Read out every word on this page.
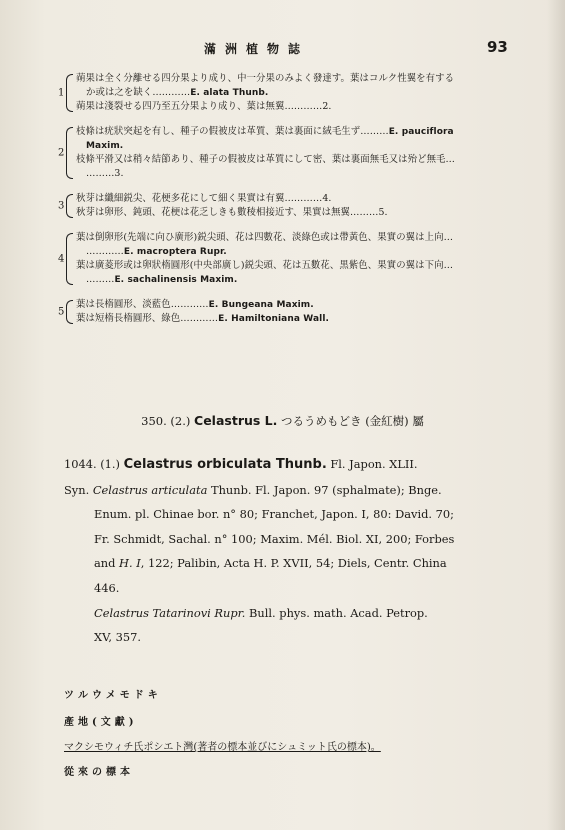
滿洲植物誌	93
1
蒴果は全く分離せる四分果より成り、中一分果のみよく發達す。葉はコルク性翼を有する
か或は之を缺く…………E. alata Thunb.
蒴果は淺裂せる四乃至五分果より成り、葉は無翼…………2.
2
枝條は疣狀突起を有し、種子の假被皮は革質、葉は裏面に絨毛生ず………E. pauciflora
Maxim.
枝條平滑又は稍々結節あり、種子の假被皮は革質にして密、葉は裏面無毛又は殆ど無毛…
………3.
3
秋芽は纖細鋭尖、花梗多花にして細く果實は有翼…………4.
秋芽は卵形、鈍頭、花梗は花乏しきも數稜相接近す、果實は無翼………5.
4
葉は倒卵形(先端に向ひ廣形)鋭尖頭、花は四數花、淡綠色或は帶黃色、果實の翼は上向…
…………E. macroptera Rupr.
葉は廣菱形或は卵狀楕圓形(中央部廣し)鋭尖頭、花は五數花、黒紫色、果實の翼は下向…
………E. sachalinensis Maxim.
5
葉は長楕圓形、淡藍色…………E. Bungeana Maxim.
葉は短楕長楕圓形、綠色…………E. Hamiltoniana Wall.
350. (2.) Celastrus L. つるうめもどき (金紅樹) 屬
1044. (1.) Celastrus orbiculata Thunb. Fl. Japon. XLII.
Syn. Celastrus articulata Thunb. Fl. Japon. 97 (sphalmate); Bnge.
Enum. pl. Chinae bor. n° 80; Franchet, Japon. I, 80: David. 70;
Fr. Schmidt, Sachal. n° 100; Maxim. Mél. Biol. XI, 200; Forbes
and H. I, 122; Palibin, Acta H. P. XVII, 54; Diels, Centr. China
446.
Celastrus Tatarinovi Rupr. Bull. phys. math. Acad. Petrop.
XV, 357.
ツルウメモドキ
產地(文獻)
マクシモウィチ氏ポシエト灣(著者の標本並びにシュミット氏の標本)。
從來の標本
